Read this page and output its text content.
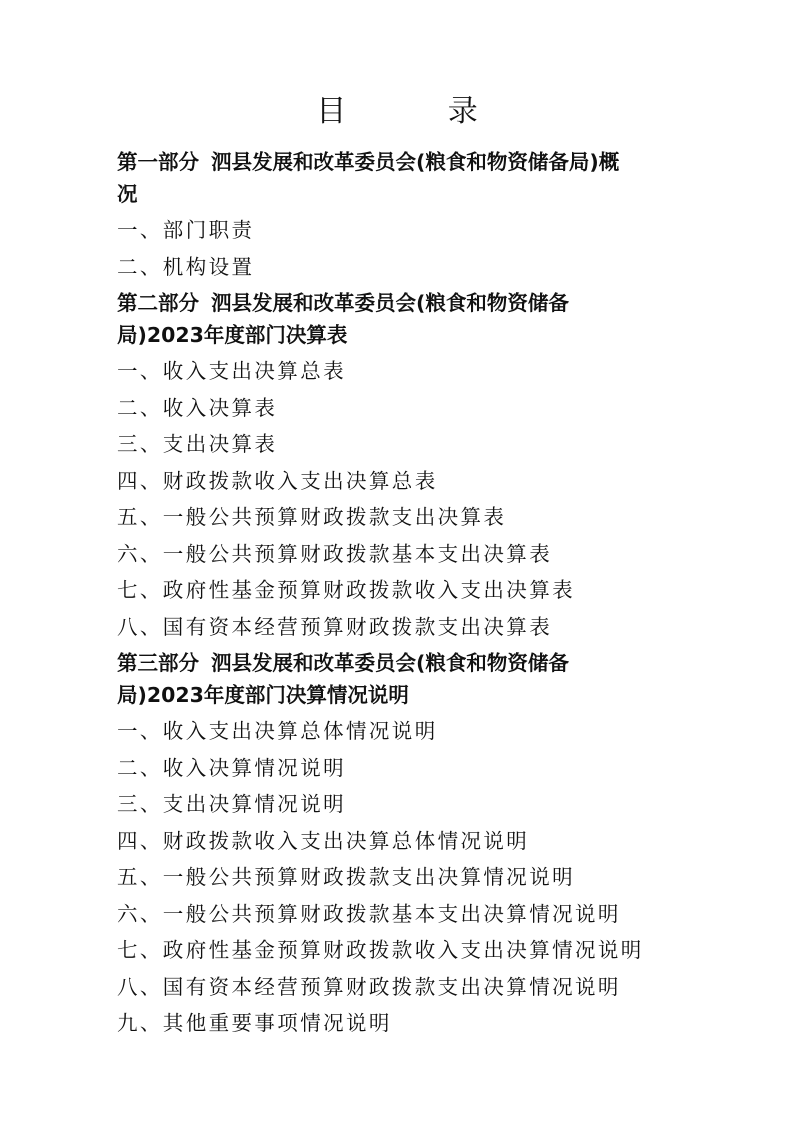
目 录
第一部分 泗县发展和改革委员会(粮食和物资储备局)概
况
一、部门职责
二、机构设置
第二部分 泗县发展和改革委员会(粮食和物资储备
局)2023年度部门决算表
一、收入支出决算总表
二、收入决算表
三、支出决算表
四、财政拨款收入支出决算总表
五、一般公共预算财政拨款支出决算表
六、一般公共预算财政拨款基本支出决算表
七、政府性基金预算财政拨款收入支出决算表
八、国有资本经营预算财政拨款支出决算表
第三部分 泗县发展和改革委员会(粮食和物资储备
局)2023年度部门决算情况说明
一、收入支出决算总体情况说明
二、收入决算情况说明
三、支出决算情况说明
四、财政拨款收入支出决算总体情况说明
五、一般公共预算财政拨款支出决算情况说明
六、一般公共预算财政拨款基本支出决算情况说明
七、政府性基金预算财政拨款收入支出决算情况说明
八、国有资本经营预算财政拨款支出决算情况说明
九、其他重要事项情况说明
